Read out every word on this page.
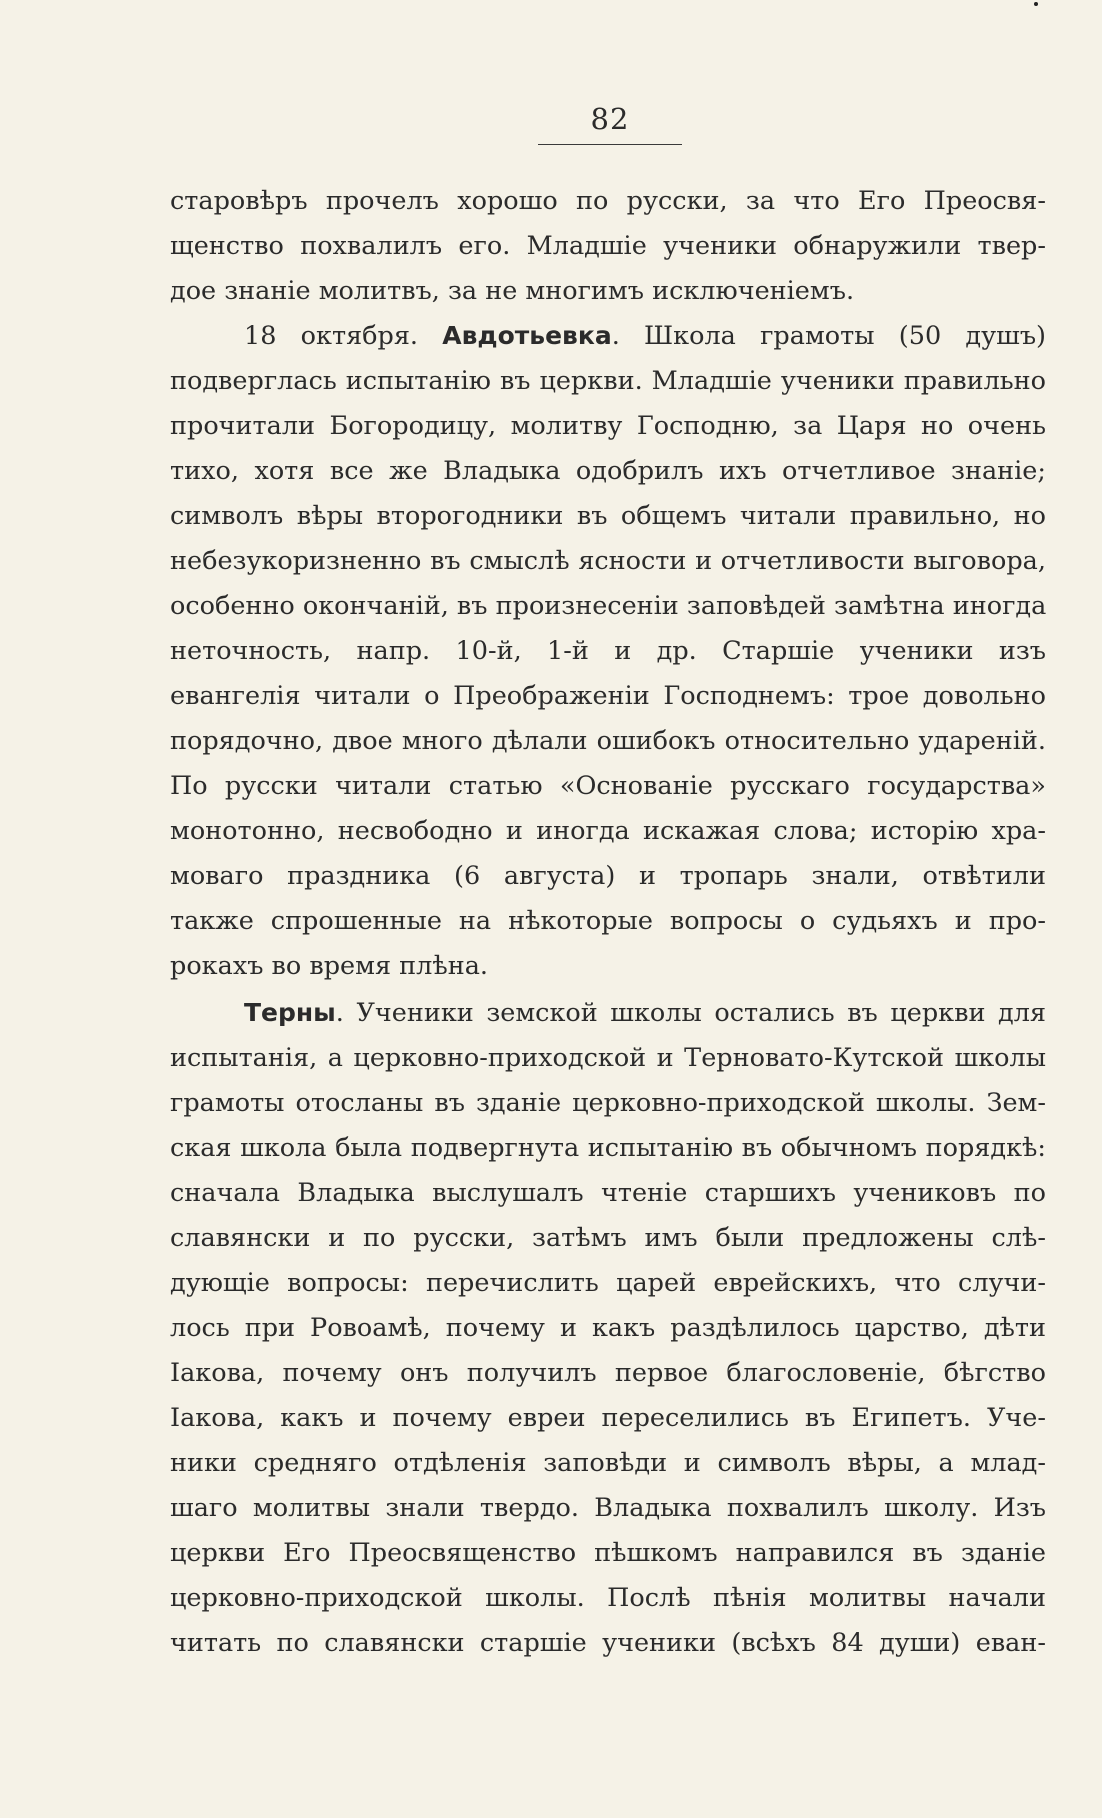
82
старовѣръ прочелъ хорошо по русски, за что Его Преосвя-
щенство похвалилъ его. Младшіе ученики обнаружили твер-
дое знаніе молитвъ, за не многимъ исключеніемъ.
18 октября. Авдотьевка. Школа грамоты (50 душъ)
подверглась испытанію въ церкви. Младшіе ученики правильно
прочитали Богородицу, молитву Господню, за Царя но очень
тихо, хотя все же Владыка одобрилъ ихъ отчетливое знаніе;
символъ вѣры второгодники въ общемъ читали правильно, но
небезукоризненно въ смыслѣ ясности и отчетливости выговора,
особенно окончаній, въ произнесеніи заповѣдей замѣтна иногда
неточность, напр. 10-й, 1-й и др. Старшіе ученики изъ
евангелія читали о Преображеніи Господнемъ: трое довольно
порядочно, двое много дѣлали ошибокъ относительно удареній.
По русски читали статью «Основаніе русскаго государства»
монотонно, несвободно и иногда искажая слова; исторію хра-
моваго праздника (6 августа) и тропарь знали, отвѣтили
также спрошенные на нѣкоторые вопросы о судьяхъ и про-
рокахъ во время плѣна.
Терны. Ученики земской школы остались въ церкви для
испытанія, а церковно-приходской и Терновато-Кутской школы
грамоты отосланы въ зданіе церковно-приходской школы. Зем-
ская школа была подвергнута испытанію въ обычномъ порядкѣ:
сначала Владыка выслушалъ чтеніе старшихъ учениковъ по
славянски и по русски, затѣмъ имъ были предложены слѣ-
дующіе вопросы: перечислить царей еврейскихъ, что случи-
лось при Ровоамѣ, почему и какъ раздѣлилось царство, дѣти
Іакова, почему онъ получилъ первое благословеніе, бѣгство
Іакова, какъ и почему евреи переселились въ Египетъ. Уче-
ники средняго отдѣленія заповѣди и символъ вѣры, а млад-
шаго молитвы знали твердо. Владыка похвалилъ школу. Изъ
церкви Его Преосвященство пѣшкомъ направился въ зданіе
церковно-приходской школы. Послѣ пѣнія молитвы начали
читать по славянски старшіе ученики (всѣхъ 84 души) еван-
